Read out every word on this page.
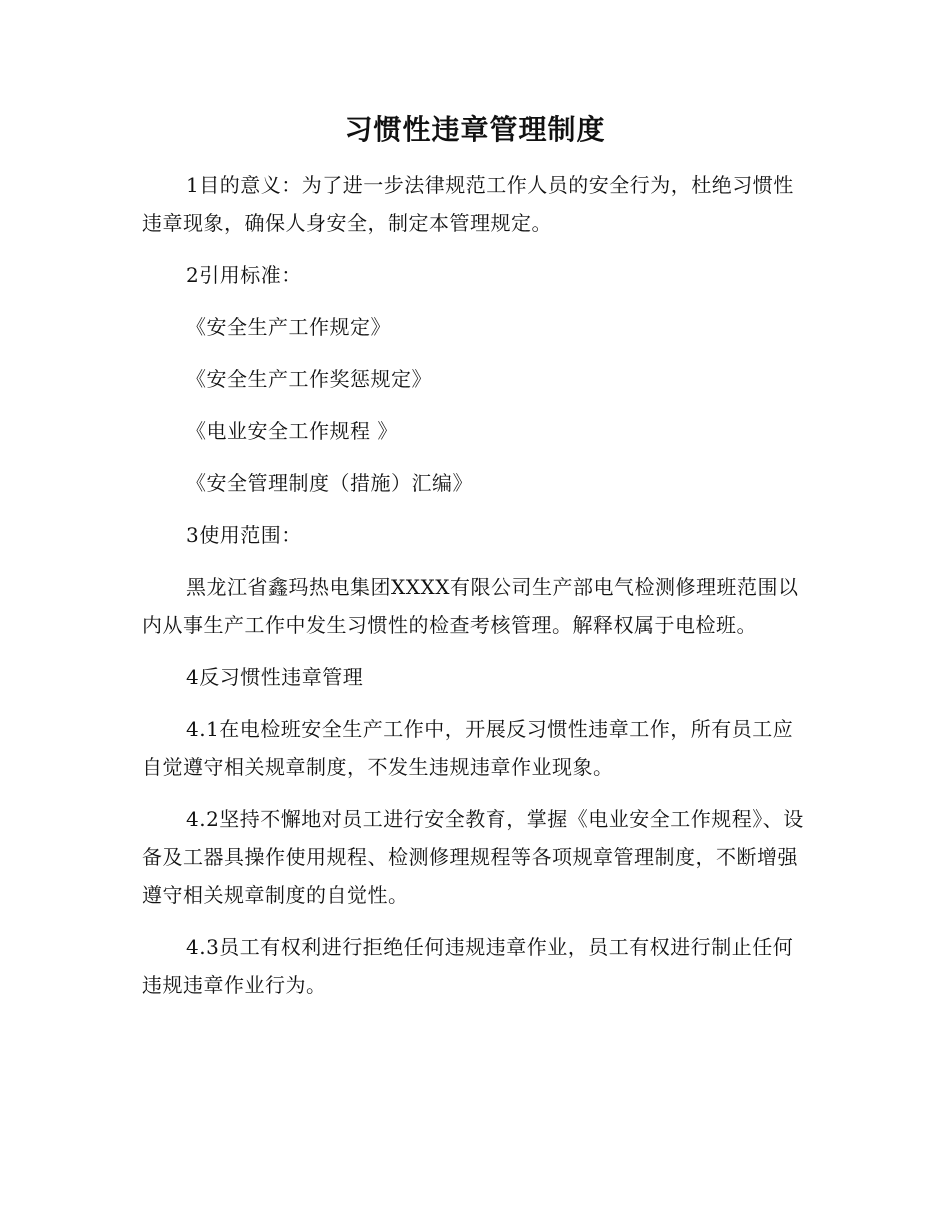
习惯性违章管理制度

1目的意义：为了进一步法律规范工作人员的安全行为，杜绝习惯性违章现象，确保人身安全，制定本管理规定。

2引用标准：

《安全生产工作规定》

《安全生产工作奖惩规定》

《电业安全工作规程 》

《安全管理制度（措施）汇编》

3使用范围：

黑龙江省鑫玛热电集团XXXX有限公司生产部电气检测修理班范围以内从事生产工作中发生习惯性的检查考核管理。解释权属于电检班。

4反习惯性违章管理

4.1在电检班安全生产工作中，开展反习惯性违章工作，所有员工应自觉遵守相关规章制度，不发生违规违章作业现象。

4.2坚持不懈地对员工进行安全教育，掌握《电业安全工作规程》、设备及工器具操作使用规程、检测修理规程等各项规章管理制度，不断增强遵守相关规章制度的自觉性。

4.3员工有权利进行拒绝任何违规违章作业，员工有权进行制止任何违规违章作业行为。
